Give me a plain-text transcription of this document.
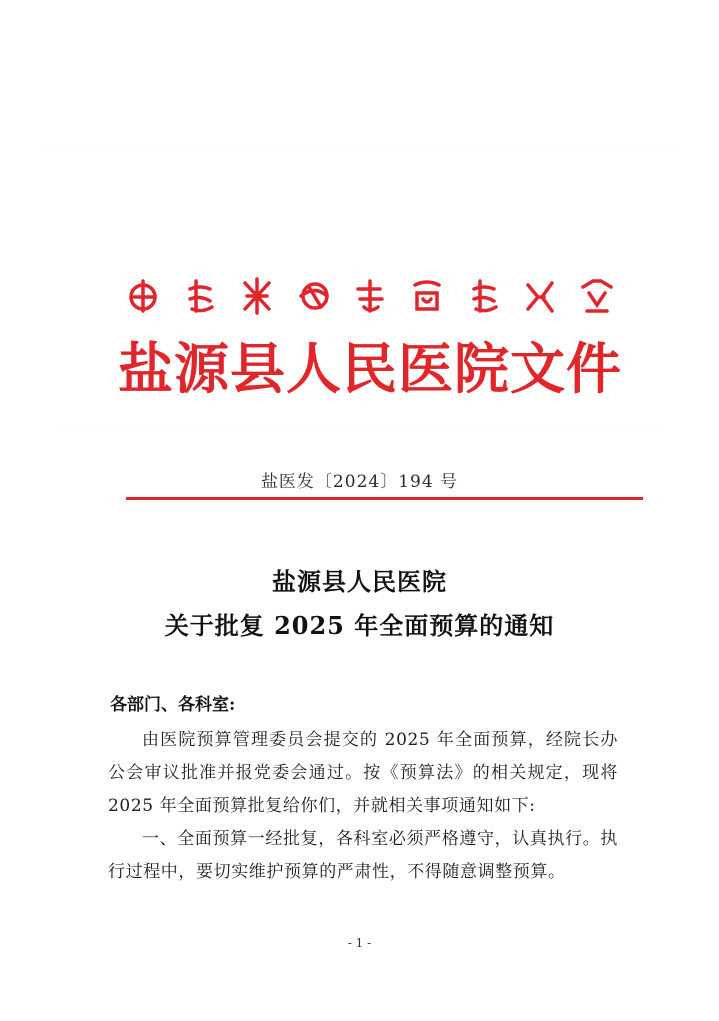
盐源县人民医院文件
盐医发〔2024〕194 号
盐源县人民医院
关于批复 2025 年全面预算的通知
各部门、各科室:

由医院预算管理委员会提交的 2025 年全面预算，经院长办公会审议批准并报党委会通过。按《预算法》的相关规定，现将 2025 年全面预算批复给你们，并就相关事项通知如下:

一、全面预算一经批复，各科室必须严格遵守，认真执行。执行过程中，要切实维护预算的严肃性，不得随意调整预算。

- 1 -
